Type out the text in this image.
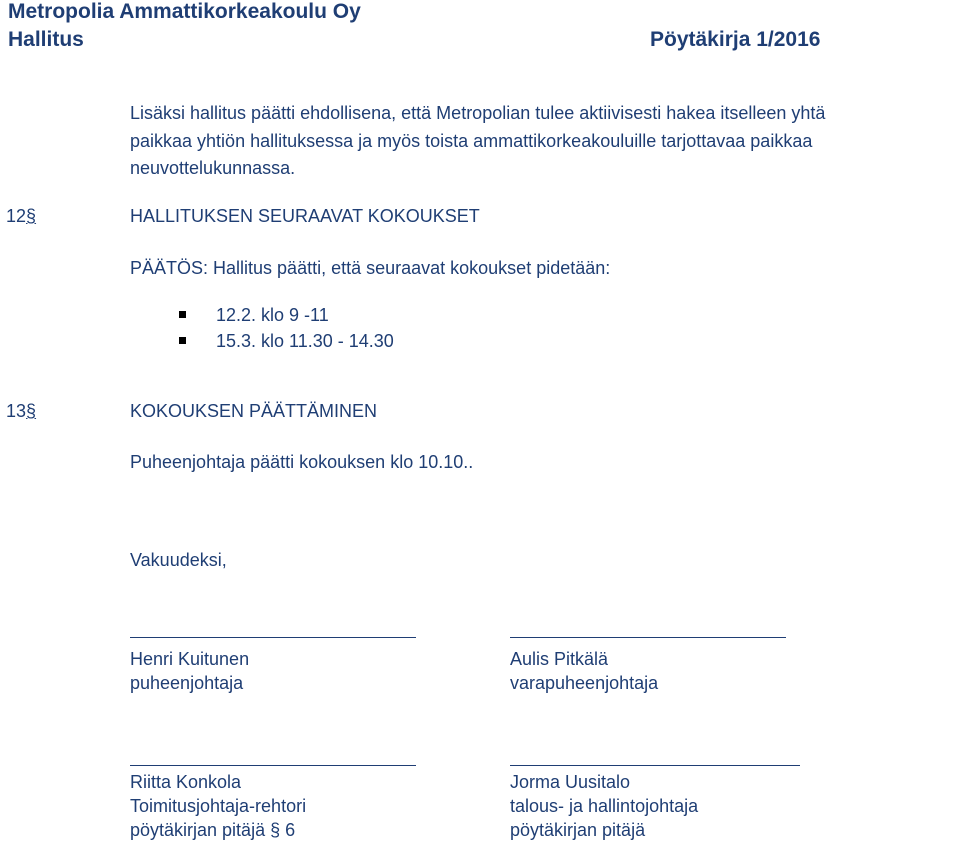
Metropolia Ammattikorkeakoulu Oy
Hallitus	Pöytäkirja 1/2016
Lisäksi hallitus päätti ehdollisena, että Metropolian tulee aktiivisesti hakea itselleen yhtä
paikkaa yhtiön hallituksessa ja myös toista ammattikorkeakouluille tarjottavaa paikkaa
neuvottelukunnassa.
12§	HALLITUKSEN SEURAAVAT KOKOUKSET
PÄÄTÖS: Hallitus päätti, että seuraavat kokoukset pidetään:
12.2. klo 9 -11
15.3. klo 11.30 - 14.30
13§	KOKOUKSEN PÄÄTTÄMINEN
Puheenjohtaja päätti kokouksen klo 10.10..
Vakuudeksi,
Henri Kuitunen
puheenjohtaja
Aulis Pitkälä
varapuheenjohtaja
Riitta Konkola
Toimitusjohtaja-rehtori
pöytäkirjan pitäjä § 6
Jorma Uusitalo
talous- ja hallintojohtaja
pöytäkirjan pitäjä
